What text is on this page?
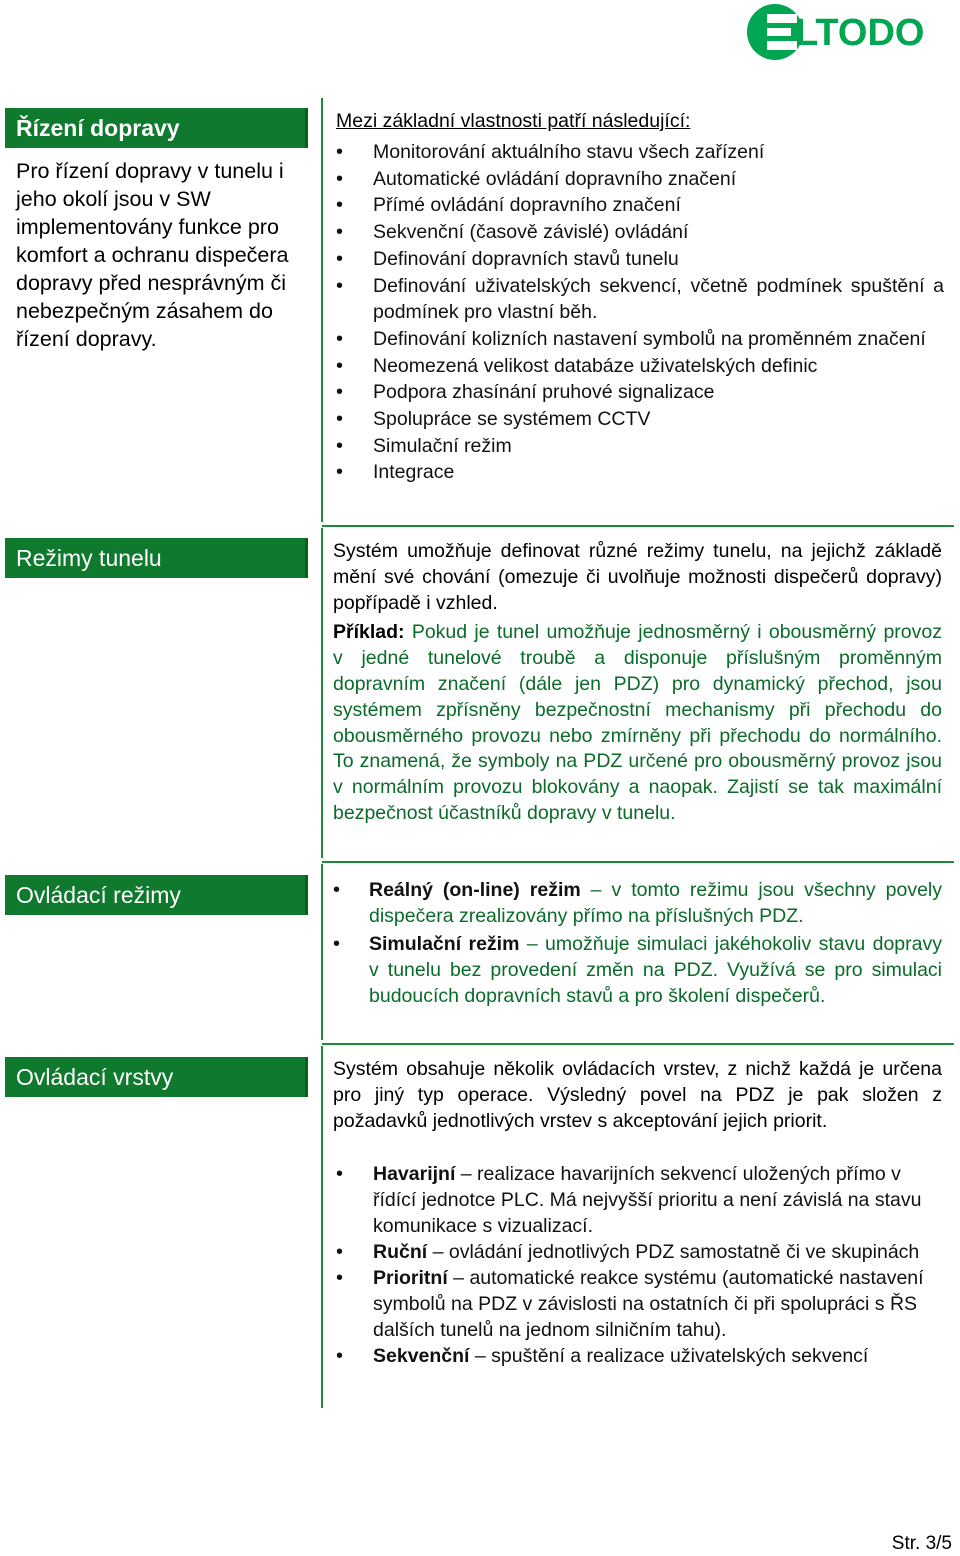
LTODO
Řízení dopravy
Pro řízení dopravy v tunelu i jeho okolí jsou v SW implementovány funkce pro komfort a ochranu dispečera dopravy před nesprávným či nebezpečným zásahem do řízení dopravy.
Mezi základní vlastnosti patří následující:
• Monitorování aktuálního stavu všech zařízení
• Automatické ovládání dopravního značení
• Přímé ovládání dopravního značení
• Sekvenční (časově závislé) ovládání
• Definování dopravních stavů tunelu
• Definování uživatelských sekvencí, včetně podmínek spuštění a podmínek pro vlastní běh.
• Definování kolizních nastavení symbolů na proměnném značení
• Neomezená velikost databáze uživatelských definic
• Podpora zhasínání pruhové signalizace
• Spolupráce se systémem CCTV
• Simulační režim
• Integrace
Režimy tunelu	Systém umožňuje definovat různé režimy tunelu, na jejichž základě mění své chování (omezuje či uvolňuje možnosti dispečerů dopravy) popřípadě i vzhled.
Příklad: Pokud je tunel umožňuje jednosměrný i obousměrný provoz v jedné tunelové troubě a disponuje příslušným proměnným dopravním značení (dále jen PDZ) pro dynamický přechod, jsou systémem zpřísněny bezpečnostní mechanismy při přechodu do obousměrného provozu nebo zmírněny při přechodu do normálního. To znamená, že symboly na PDZ určené pro obousměrný provoz jsou v normálním provozu blokovány a naopak. Zajistí se tak maximální bezpečnost účastníků dopravy v tunelu.
Ovládací režimy
•	Reálný (on-line) režim – v tomto režimu jsou všechny povely dispečera zrealizovány přímo na příslušných PDZ.
• Simulační režim – umožňuje simulaci jakéhokoliv stavu dopravy v tunelu bez provedení změn na PDZ. Využívá se pro simulaci budoucích dopravních stavů a pro školení dispečerů.
Ovládací vrstvy	Systém obsahuje několik ovládacích vrstev, z nichž každá je určena pro jiný typ operace. Výsledný povel na PDZ je pak složen z požadavků jednotlivých vrstev s akceptování jejich priorit.
• Havarijní – realizace havarijních sekvencí uložených přímo v řídící jednotce PLC. Má nejvyšší prioritu a není závislá na stavu komunikace s vizualizací.
• Ruční – ovládání jednotlivých PDZ samostatně či ve skupinách
• Prioritní – automatické reakce systému (automatické nastavení symbolů na PDZ v závislosti na ostatních či při spolupráci s ŘS dalších tunelů na jednom silničním tahu).
• Sekvenční – spuštění a realizace uživatelských sekvencí
Str. 3/5
